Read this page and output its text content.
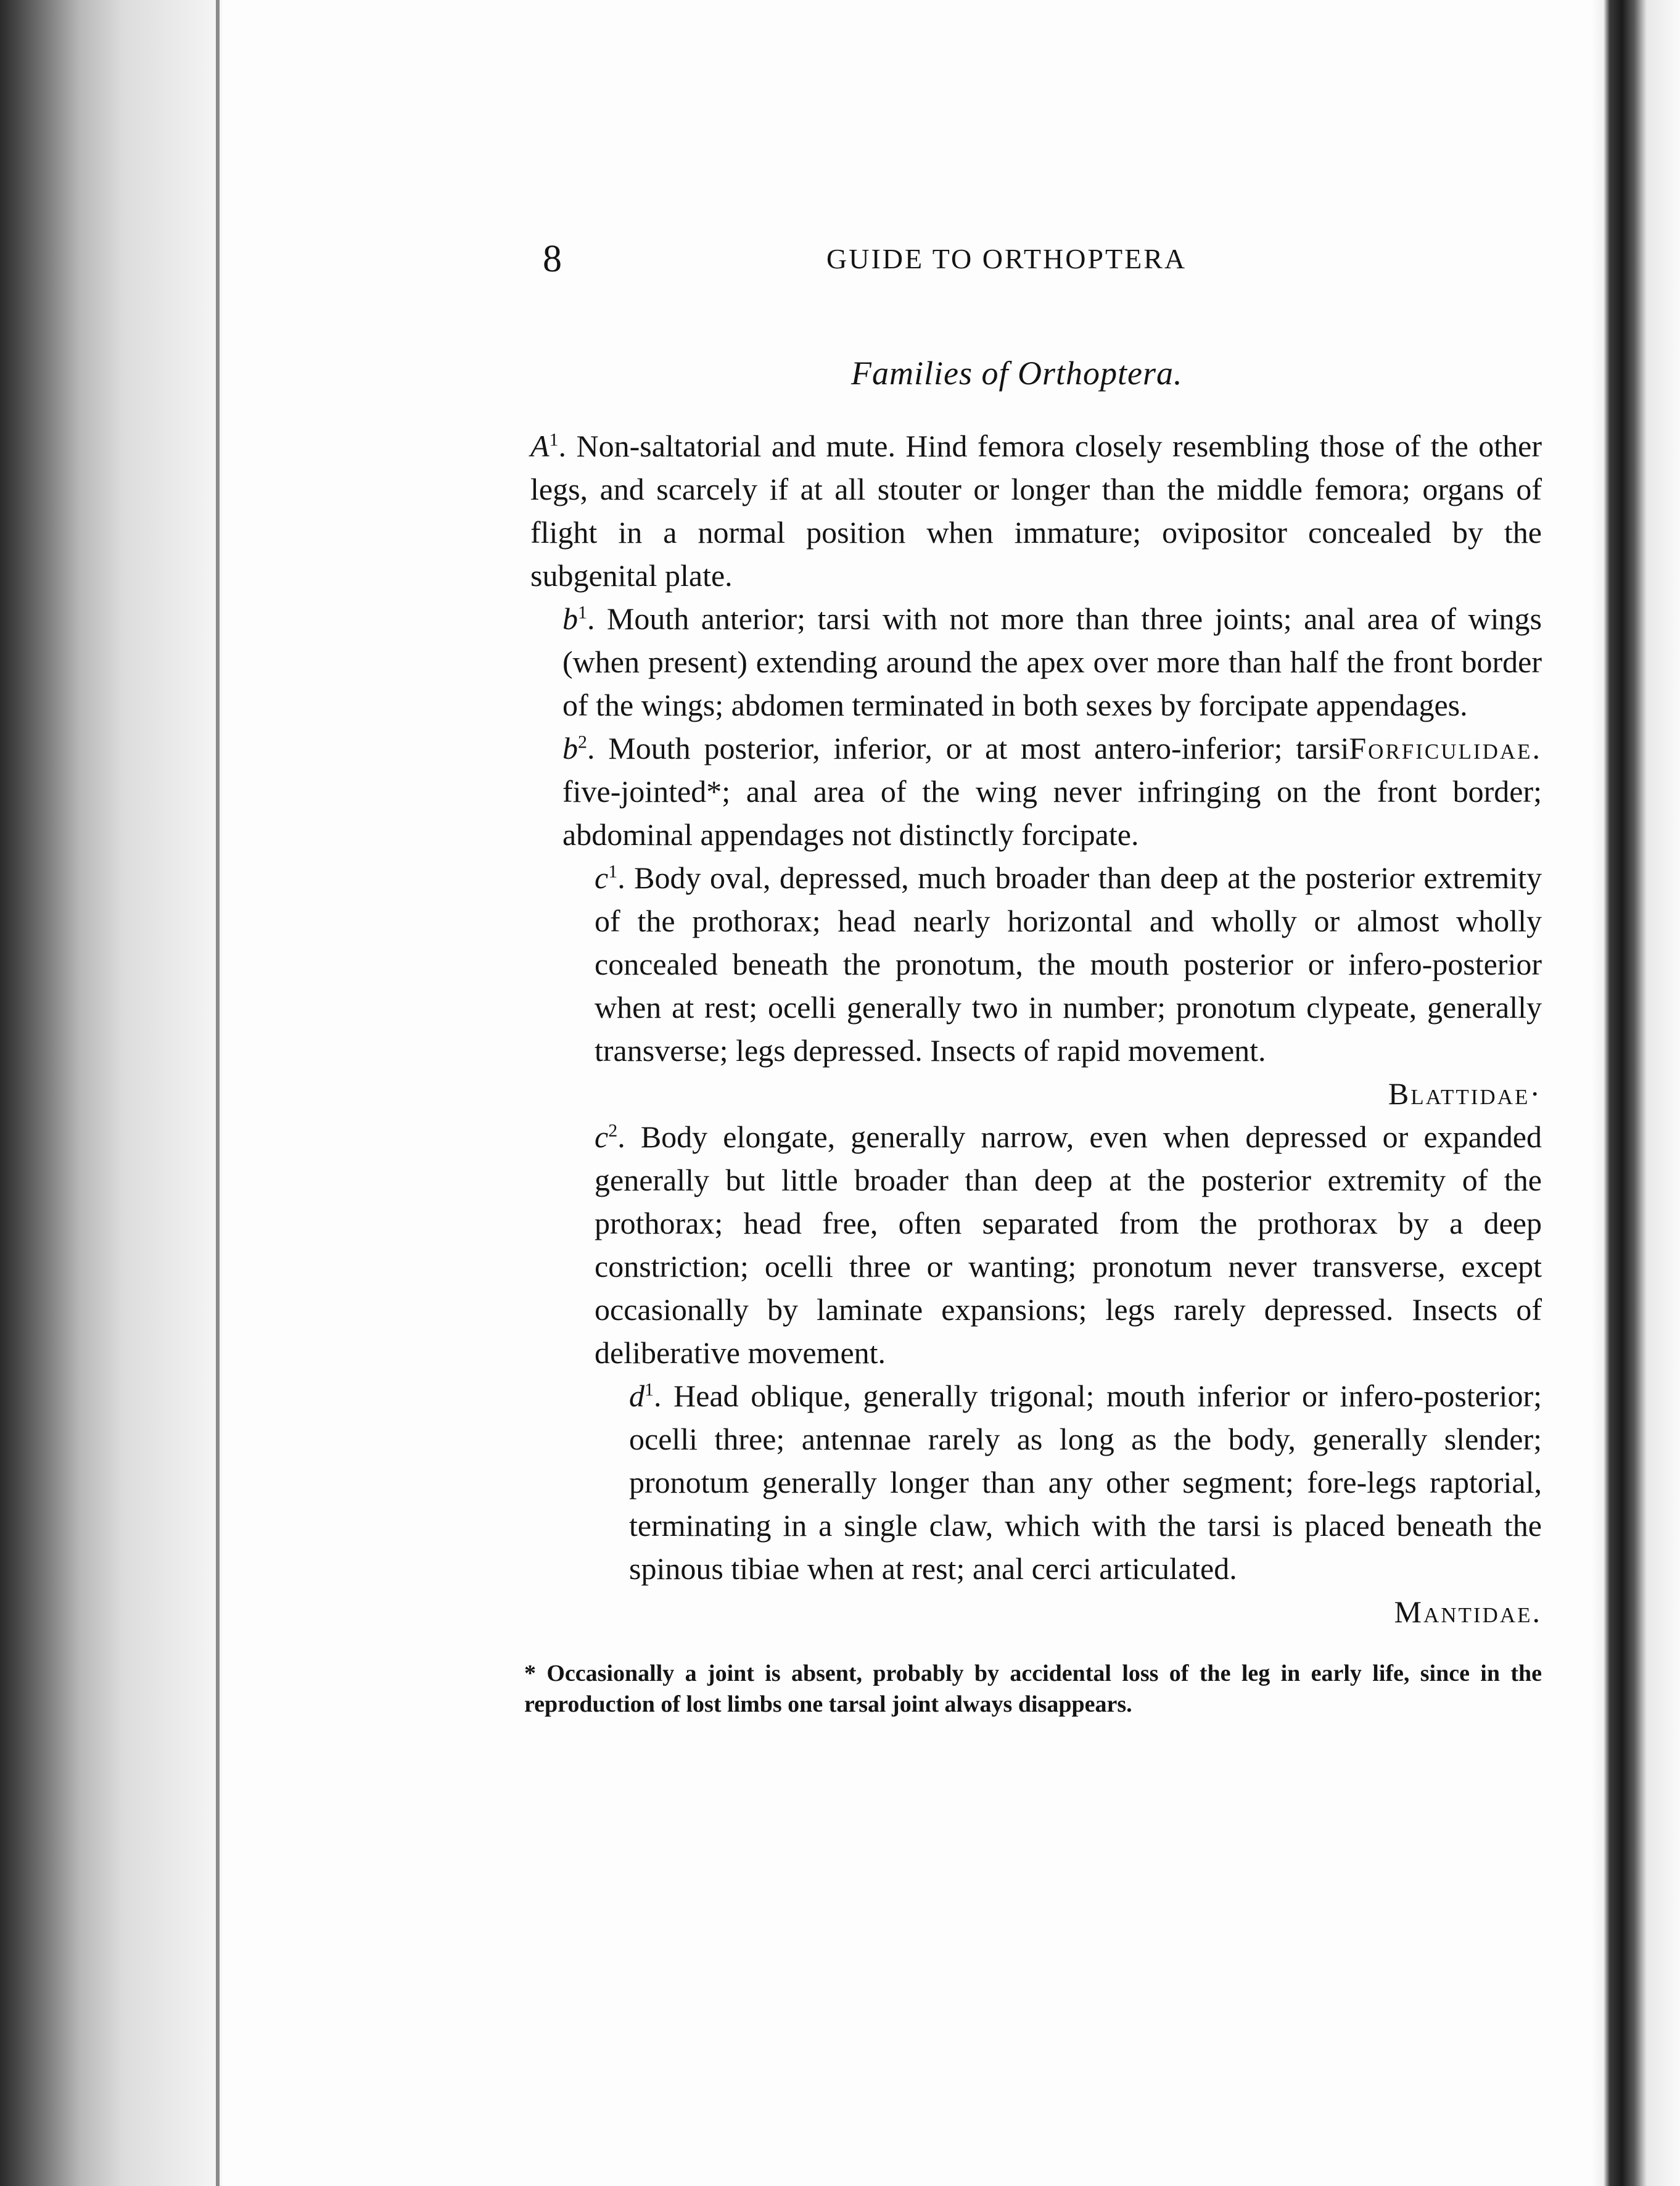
8	GUIDE TO ORTHOPTERA
Families of Orthoptera.

$A^1$. Non-saltatorial and mute. Hind femora closely resembling those of the other legs, and scarcely if at all stouter or longer than the middle femora; organs of flight in a normal position when immature; ovipositor concealed by the subgenital plate.

$b^1$. Mouth anterior; tarsi with not more than three joints; anal area of wings (when present) extending around the apex over more than half the front border of the wings; abdomen terminated in both sexes by forcipate appendages.
Forficulidae.

$b^2$. Mouth posterior, inferior, or at most antero-inferior; tarsi five-jointed*; anal area of the wing never infringing on the front border; abdominal appendages not distinctly forcipate.

$c^1$. Body oval, depressed, much broader than deep at the posterior extremity of the prothorax; head nearly horizontal and wholly or almost wholly concealed beneath the pronotum, the mouth posterior or infero-posterior when at rest; ocelli generally two in number; pronotum clypeate, generally transverse; legs depressed. Insects of rapid movement.
Blattidae·

$c^2$. Body elongate, generally narrow, even when depressed or expanded generally but little broader than deep at the posterior extremity of the prothorax; head free, often separated from the prothorax by a deep constriction; ocelli three or wanting; pronotum never transverse, except occasionally by laminate expansions; legs rarely depressed. Insects of deliberative movement.

$d^1$. Head oblique, generally trigonal; mouth inferior or infero-posterior; ocelli three; antennae rarely as long as the body, generally slender; pronotum generally longer than any other segment; fore-legs raptorial, terminating in a single claw, which with the tarsi is placed beneath the spinous tibiae when at rest; anal cerci articulated.
Mantidae.

* Occasionally a joint is absent, probably by accidental loss of the leg in early life, since in the reproduction of lost limbs one tarsal joint always disappears.
